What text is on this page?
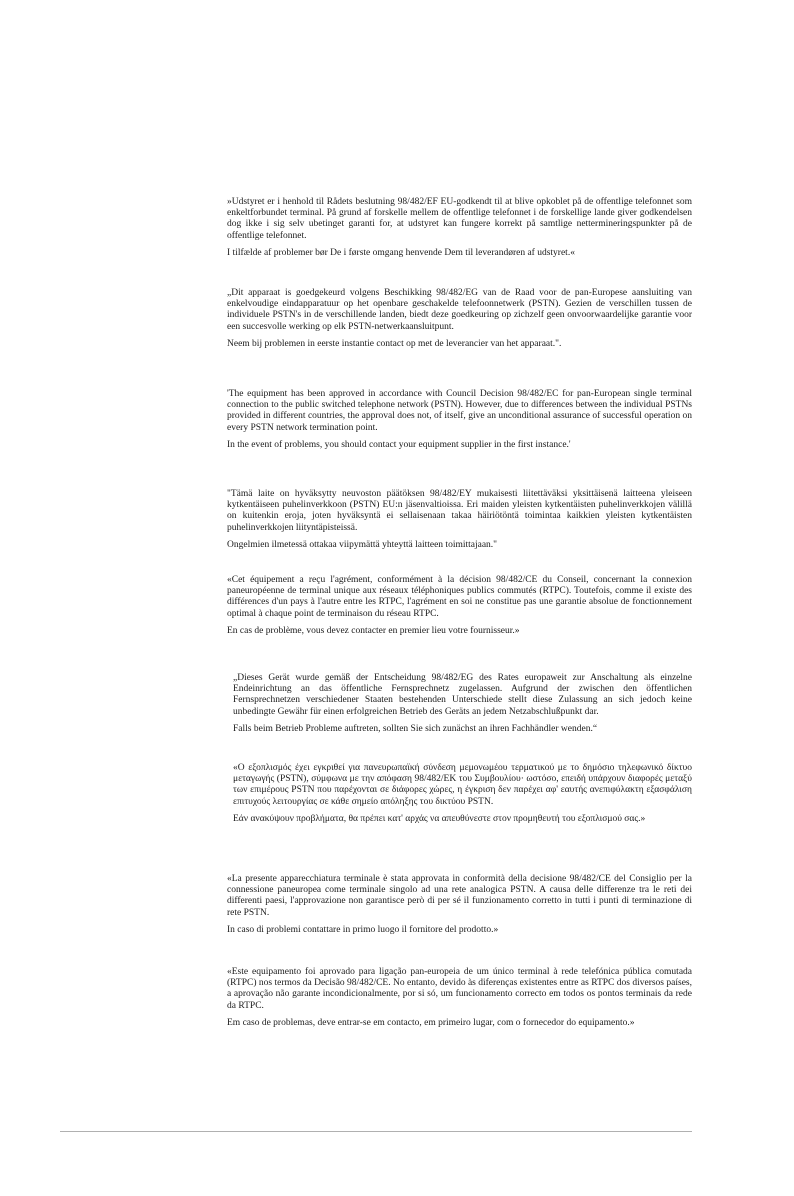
»Udstyret er i henhold til Rådets beslutning 98/482/EF EU-godkendt til at blive opkoblet på de offentlige telefonnet som enkeltforbundet terminal. På grund af forskelle mellem de offentlige telefonnet i de forskellige lande giver godkendelsen dog ikke i sig selv ubetinget garanti for, at udstyret kan fungere korrekt på samtlige nettermineringspunkter på de offentlige telefonnet.

I tilfælde af problemer bør De i første omgang henvende Dem til leverandøren af udstyret.«

„Dit apparaat is goedgekeurd volgens Beschikking 98/482/EG van de Raad voor de pan-Europese aansluiting van enkelvoudige eindapparatuur op het openbare geschakelde telefoonnetwerk (PSTN). Gezien de verschillen tussen de individuele PSTN's in de verschillende landen, biedt deze goedkeuring op zichzelf geen onvoorwaardelijke garantie voor een succesvolle werking op elk PSTN-netwerkaansluitpunt.

Neem bij problemen in eerste instantie contact op met de leverancier van het apparaat.".

'The equipment has been approved in accordance with Council Decision 98/482/EC for pan-European single terminal connection to the public switched telephone network (PSTN). However, due to differences between the individual PSTNs provided in different countries, the approval does not, of itself, give an unconditional assurance of successful operation on every PSTN network termination point.

In the event of problems, you should contact your equipment supplier in the first instance.'

"Tämä laite on hyväksytty neuvoston päätöksen 98/482/EY mukaisesti liitettäväksi yksittäisenä laitteena yleiseen kytkentäiseen puhelinverkkoon (PSTN) EU:n jäsenvaltioissa. Eri maiden yleisten kytkentäisten puhelinverkkojen välillä on kuitenkin eroja, joten hyväksyntä ei sellaisenaan takaa häiriötöntä toimintaa kaikkien yleisten kytkentäisten puhelinverkkojen liityntäpisteissä.

Ongelmien ilmetessä ottakaa viipymättä yhteyttä laitteen toimittajaan."

«Cet équipement a reçu l'agrément, conformément à la décision 98/482/CE du Conseil, concernant la connexion paneuropéenne de terminal unique aux réseaux téléphoniques publics commutés (RTPC). Toutefois, comme il existe des différences d'un pays à l'autre entre les RTPC, l'agrément en soi ne constitue pas une garantie absolue de fonctionnement optimal à chaque point de terminaison du réseau RTPC.

En cas de problème, vous devez contacter en premier lieu votre fournisseur.»

„Dieses Gerät wurde gemäß der Entscheidung 98/482/EG des Rates europaweit zur Anschaltung als einzelne Endeinrichtung an das öffentliche Fernsprechnetz zugelassen. Aufgrund der zwischen den öffentlichen Fernsprechnetzen verschiedener Staaten bestehenden Unterschiede stellt diese Zulassung an sich jedoch keine unbedingte Gewähr für einen erfolgreichen Betrieb des Geräts an jedem Netzabschlußpunkt dar.

Falls beim Betrieb Probleme auftreten, sollten Sie sich zunächst an ihren Fachhändler wenden.“

«Ο εξοπλισμός έχει εγκριθεί για πανευρωπαϊκή σύνδεση μεμονωμέου τερματικού με το δημόσιο τηλεφωνικό δίκτυο μεταγωγής (PSTN), σύμφωνα με την απόφαση 98/482/ΕΚ του Συμβουλίου· ωστόσο, επειδή υπάρχουν διαφορές μεταξύ των επιμέρους PSTN που παρέχονται σε διάφορες χώρες, η έγκριση δεν παρέχει αφ' εαυτής ανεπιφύλακτη εξασφάλιση επιτυχούς λειτουργίας σε κάθε σημείο απόληξης του δικτύου PSTN.

Εάν ανακύψουν προβλήματα, θα πρέπει κατ' αρχάς να απευθύνεστε στον προμηθευτή του εξοπλισμού σας.»

«La presente apparecchiatura terminale è stata approvata in conformità della decisione 98/482/CE del Consiglio per la connessione paneuropea come terminale singolo ad una rete analogica PSTN. A causa delle differenze tra le reti dei differenti paesi, l'approvazione non garantisce però di per sé il funzionamento corretto in tutti i punti di terminazione di rete PSTN.

In caso di problemi contattare in primo luogo il fornitore del prodotto.»

«Este equipamento foi aprovado para ligação pan-europeia de um único terminal à rede telefónica pública comutada (RTPC) nos termos da Decisão 98/482/CE. No entanto, devido às diferenças existentes entre as RTPC dos diversos países, a aprovação não garante incondicionalmente, por si só, um funcionamento correcto em todos os pontos terminais da rede da RTPC.

Em caso de problemas, deve entrar-se em contacto, em primeiro lugar, com o fornecedor do equipamento.»
